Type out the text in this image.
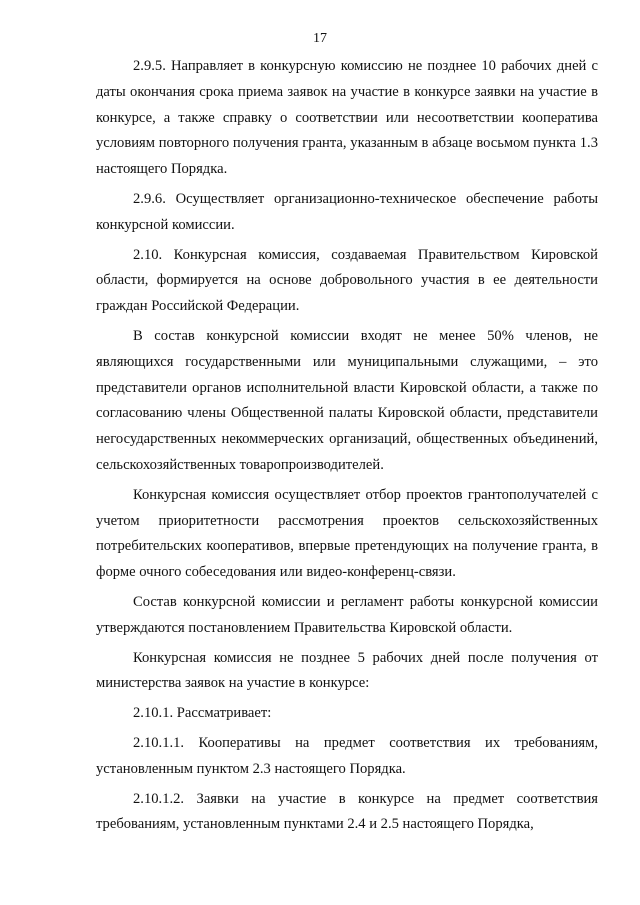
17

2.9.5. Направляет в конкурсную комиссию не позднее 10 рабочих дней с даты окончания срока приема заявок на участие в конкурсе заявки на участие в конкурсе, а также справку о соответствии или несоответствии кооператива условиям повторного получения гранта, указанным в абзаце восьмом пункта 1.3 настоящего Порядка.

2.9.6. Осуществляет организационно-техническое обеспечение работы конкурсной комиссии.

2.10. Конкурсная комиссия, создаваемая Правительством Кировской области, формируется на основе добровольного участия в ее деятельности граждан Российской Федерации.

В состав конкурсной комиссии входят не менее 50% членов, не являющихся государственными или муниципальными служащими, – это представители органов исполнительной власти Кировской области, а также по согласованию члены Общественной палаты Кировской области, представители негосударственных некоммерческих организаций, общественных объединений, сельскохозяйственных товаропроизводителей.

Конкурсная комиссия осуществляет отбор проектов грантополучателей с учетом приоритетности рассмотрения проектов сельскохозяйственных потребительских кооперативов, впервые претендующих на получение гранта, в форме очного собеседования или видео-конференц-связи.

Состав конкурсной комиссии и регламент работы конкурсной комиссии утверждаются постановлением Правительства Кировской области.

Конкурсная комиссия не позднее 5 рабочих дней после получения от министерства заявок на участие в конкурсе:

2.10.1. Рассматривает:

2.10.1.1. Кооперативы на предмет соответствия их требованиям, установленным пунктом 2.3 настоящего Порядка.

2.10.1.2. Заявки на участие в конкурсе на предмет соответствия требованиям, установленным пунктами 2.4 и 2.5 настоящего Порядка,
